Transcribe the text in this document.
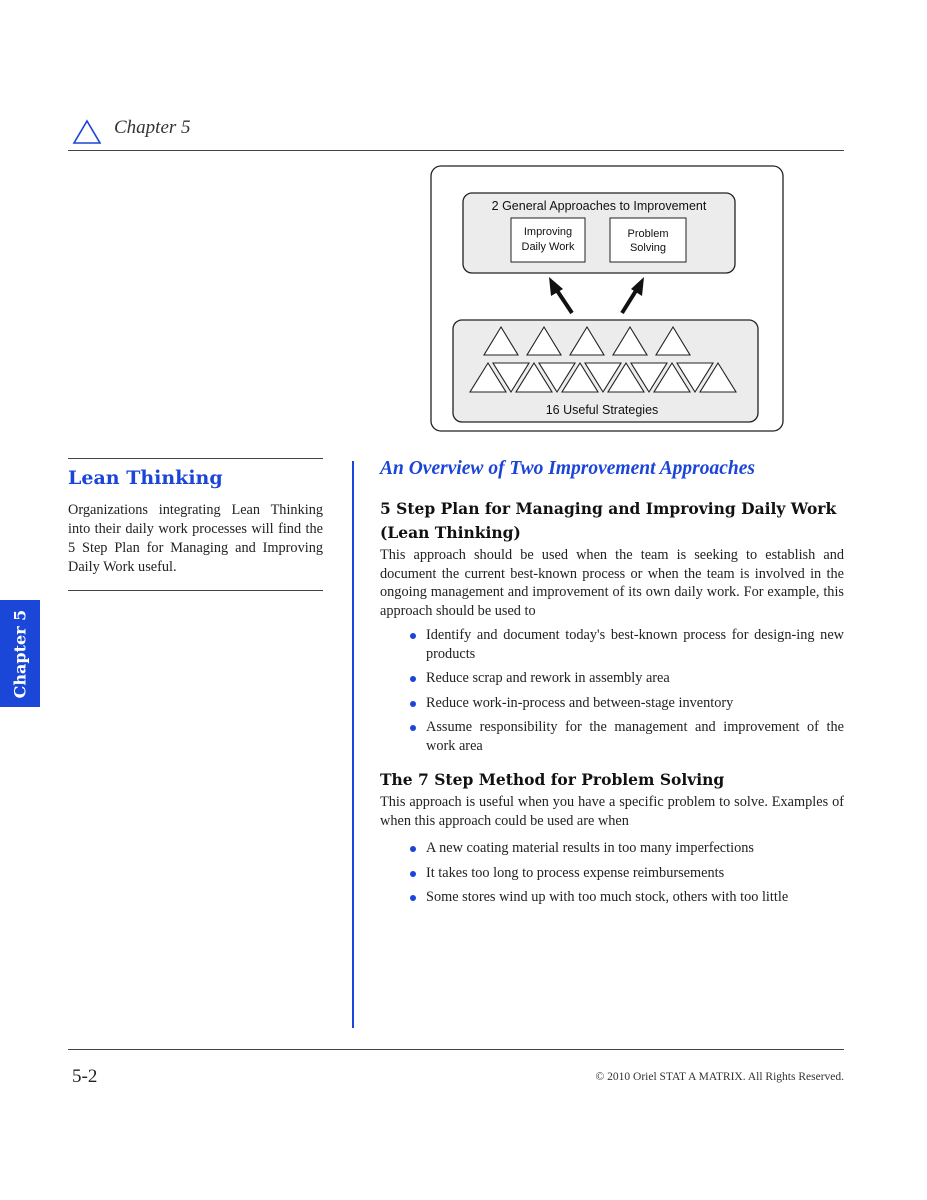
Chapter 5
2 General Approaches to Improvement
Improving
Daily Work
Problem
Solving
16 Useful Strategies
Lean Thinking
Organizations integrating Lean Thinking into their daily work processes will find the 5 Step Plan for Managing and Improving Daily Work useful.
Chapter 5

An Overview of Two Improvement Approaches

5 Step Plan for Managing and Improving Daily Work (Lean Thinking)

This approach should be used when the team is seeking to establish and document the current best-known process or when the team is involved in the ongoing management and improvement of its own daily work. For example, this approach should be used to

Identify and document today's best-known process for design-ing new products
Reduce scrap and rework in assembly area
Reduce work-in-process and between-stage inventory
Assume responsibility for the management and improvement of the work area

The 7 Step Method for Problem Solving

This approach is useful when you have a specific problem to solve. Examples of when this approach could be used are when

A new coating material results in too many imperfections
It takes too long to process expense reimbursements
Some stores wind up with too much stock, others with too little
5-2	© 2010 Oriel STAT A MATRIX. All Rights Reserved.
